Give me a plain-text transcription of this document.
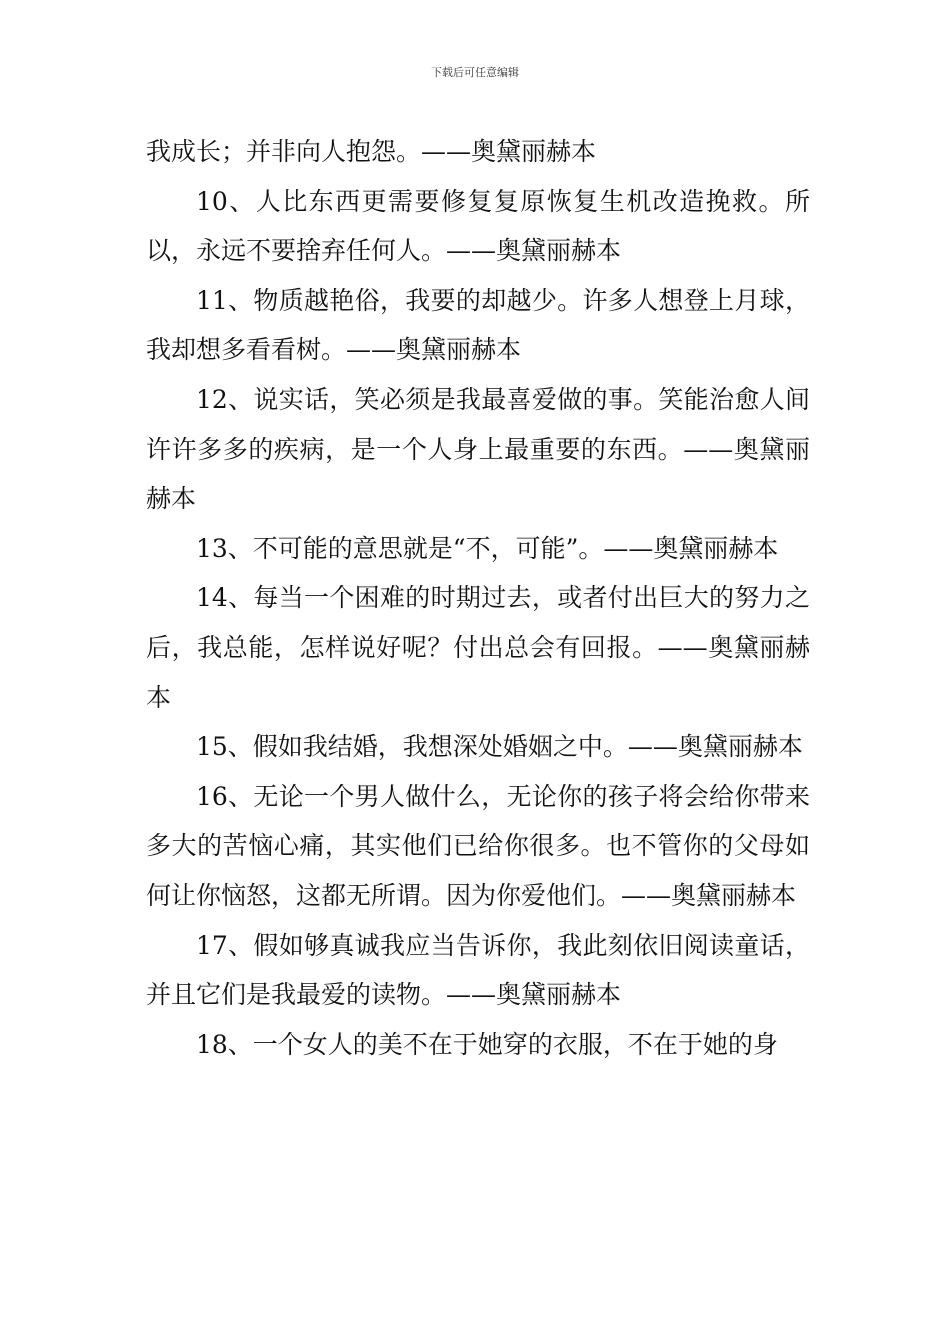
下载后可任意编辑

我成长；并非向人抱怨。——奥黛丽赫本

10、人比东西更需要修复复原恢复生机改造挽救。所以，永远不要捨弃任何人。——奥黛丽赫本

11、物质越艳俗，我要的却越少。许多人想登上月球，我却想多看看树。——奥黛丽赫本

12、说实话，笑必须是我最喜爱做的事。笑能治愈人间许许多多的疾病，是一个人身上最重要的东西。——奥黛丽赫本

13、不可能的意思就是“不，可能”。——奥黛丽赫本

14、每当一个困难的时期过去，或者付出巨大的努力之后，我总能，怎样说好呢？付出总会有回报。——奥黛丽赫本

15、假如我结婚，我想深处婚姻之中。——奥黛丽赫本

16、无论一个男人做什么，无论你的孩子将会给你带来多大的苦恼心痛，其实他们已给你很多。也不管你的父母如何让你恼怒，这都无所谓。因为你爱他们。——奥黛丽赫本

17、假如够真诚我应当告诉你，我此刻依旧阅读童话，并且它们是我最爱的读物。——奥黛丽赫本

18、一个女人的美不在于她穿的衣服，不在于她的身
